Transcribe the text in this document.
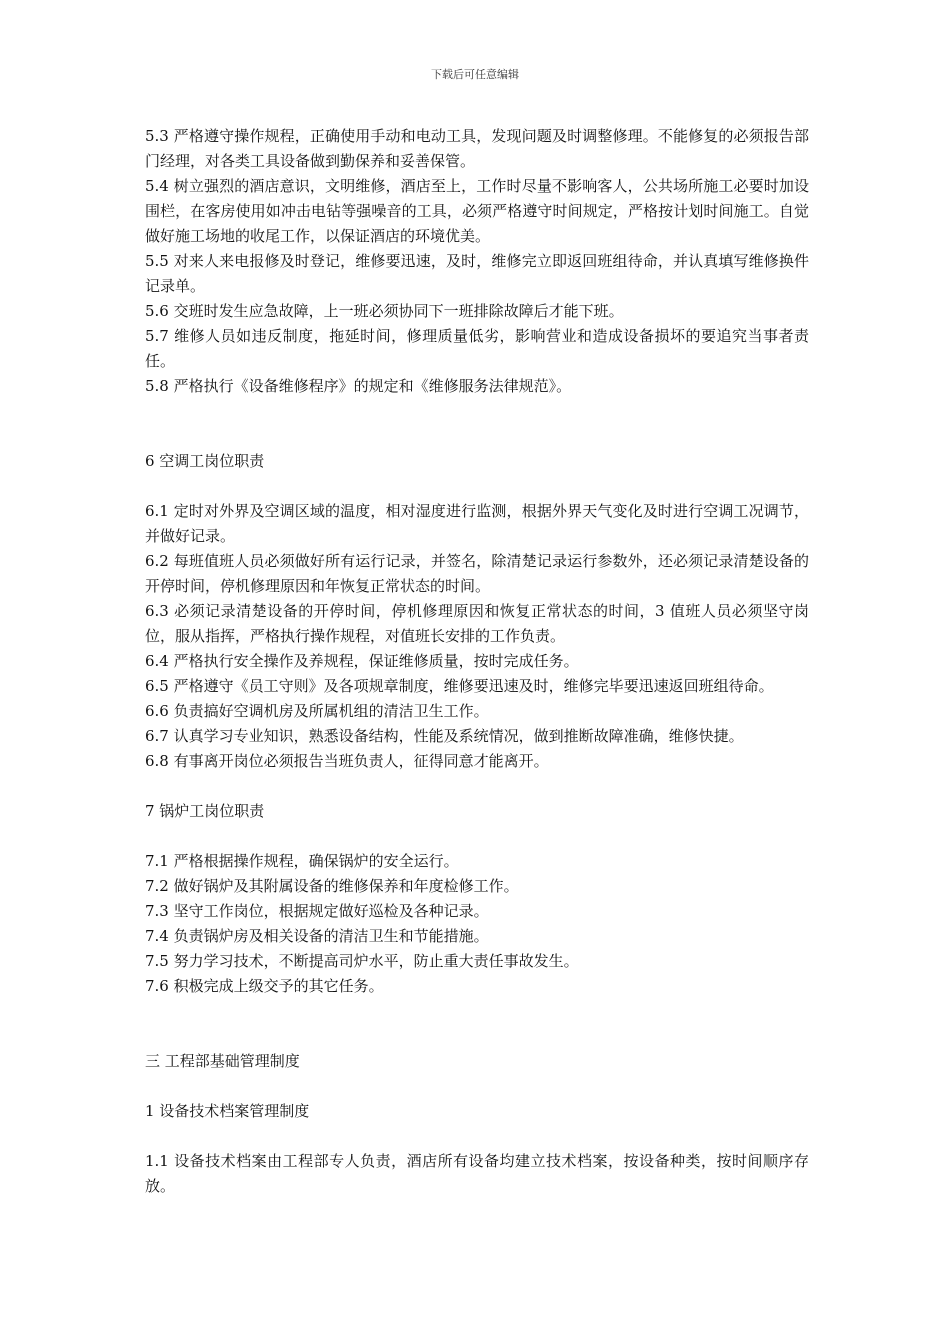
下载后可任意编辑

5.3 严格遵守操作规程，正确使用手动和电动工具，发现问题及时调整修理。不能修复的必须报告部门经理，对各类工具设备做到勤保养和妥善保管。

5.4 树立强烈的酒店意识，文明维修，酒店至上，工作时尽量不影响客人，公共场所施工必要时加设围栏，在客房使用如冲击电钻等强噪音的工具，必须严格遵守时间规定，严格按计划时间施工。自觉做好施工场地的收尾工作，以保证酒店的环境优美。

5.5 对来人来电报修及时登记，维修要迅速，及时，维修完立即返回班组待命，并认真填写维修换件记录单。

5.6 交班时发生应急故障，上一班必须协同下一班排除故障后才能下班。

5.7 维修人员如违反制度，拖延时间，修理质量低劣，影响营业和造成设备损坏的要追究当事者责任。

5.8 严格执行《设备维修程序》的规定和《维修服务法律规范》。

6 空调工岗位职责

6.1 定时对外界及空调区域的温度，相对湿度进行监测，根据外界天气变化及时进行空调工况调节，并做好记录。

6.2 每班值班人员必须做好所有运行记录，并签名，除清楚记录运行参数外，还必须记录清楚设备的开停时间，停机修理原因和年恢复正常状态的时间。

6.3 必须记录清楚设备的开停时间，停机修理原因和恢复正常状态的时间，3 值班人员必须坚守岗位，服从指挥，严格执行操作规程，对值班长安排的工作负责。

6.4 严格执行安全操作及养规程，保证维修质量，按时完成任务。

6.5 严格遵守《员工守则》及各项规章制度，维修要迅速及时，维修完毕要迅速返回班组待命。

6.6 负责搞好空调机房及所属机组的清洁卫生工作。

6.7 认真学习专业知识，熟悉设备结构，性能及系统情况，做到推断故障准确，维修快捷。

6.8 有事离开岗位必须报告当班负责人，征得同意才能离开。

7 锅炉工岗位职责

7.1 严格根据操作规程，确保锅炉的安全运行。

7.2 做好锅炉及其附属设备的维修保养和年度检修工作。

7.3 坚守工作岗位，根据规定做好巡检及各种记录。

7.4 负责锅炉房及相关设备的清洁卫生和节能措施。

7.5 努力学习技术，不断提高司炉水平，防止重大责任事故发生。

7.6 积极完成上级交予的其它任务。

三 工程部基础管理制度

1 设备技术档案管理制度

1.1 设备技术档案由工程部专人负责，酒店所有设备均建立技术档案，按设备种类，按时间顺序存放。
